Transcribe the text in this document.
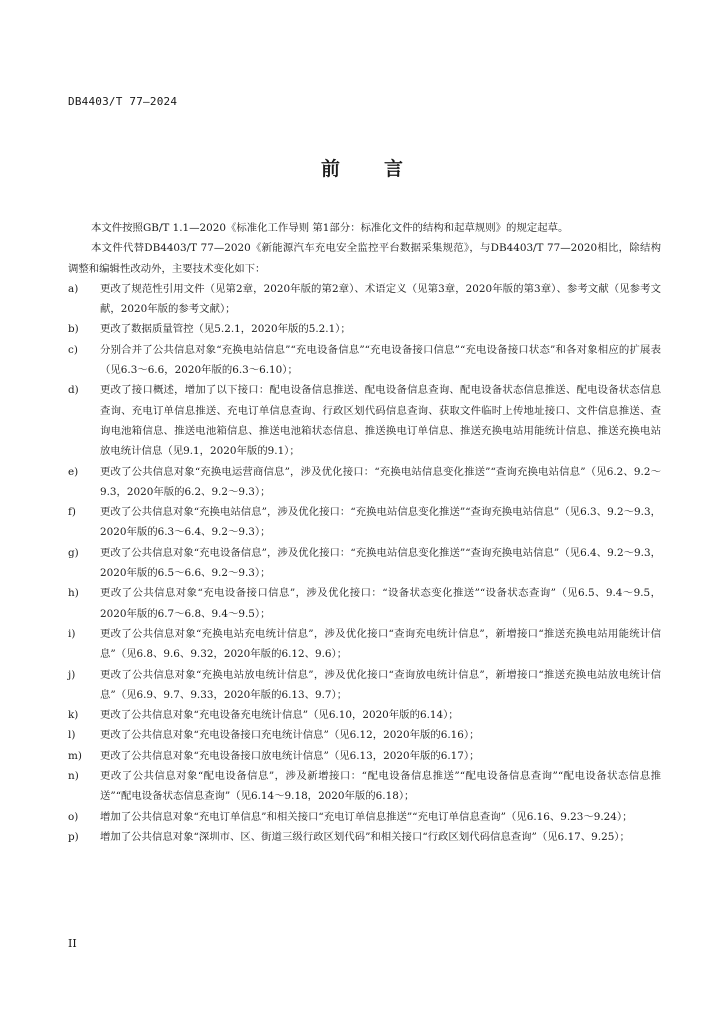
DB4403/T 77—2024
前言

本文件按照GB/T 1.1—2020《标准化工作导则 第1部分：标准化文件的结构和起草规则》的规定起草。

本文件代替DB4403/T 77—2020《新能源汽车充电安全监控平台数据采集规范》，与DB4403/T 77—2020相比，除结构调整和编辑性改动外，主要技术变化如下：

a)	更改了规范性引用文件（见第2章，2020年版的第2章）、术语定义（见第3章，2020年版的第3章）、参考文献（见参考文献，2020年版的参考文献）；
b)	更改了数据质量管控（见5.2.1，2020年版的5.2.1）；
c)	分别合并了公共信息对象“充换电站信息”“充电设备信息”“充电设备接口信息”“充电设备接口状态”和各对象相应的扩展表（见6.3～6.6，2020年版的6.3～6.10）；
d)	更改了接口概述，增加了以下接口：配电设备信息推送、配电设备信息查询、配电设备状态信息推送、配电设备状态信息查询、充电订单信息推送、充电订单信息查询、行政区划代码信息查询、获取文件临时上传地址接口、文件信息推送、查询电池箱信息、推送电池箱信息、推送电池箱状态信息、推送换电订单信息、推送充换电站用能统计信息、推送充换电站放电统计信息（见9.1，2020年版的9.1）；
e)	更改了公共信息对象“充换电运营商信息”，涉及优化接口：“充换电站信息变化推送”“查询充换电站信息”（见6.2、9.2～9.3，2020年版的6.2、9.2～9.3）；
f)	更改了公共信息对象“充换电站信息”，涉及优化接口：“充换电站信息变化推送”“查询充换电站信息”（见6.3、9.2～9.3，2020年版的6.3～6.4、9.2～9.3）；
g)	更改了公共信息对象“充电设备信息”，涉及优化接口：“充换电站信息变化推送”“查询充换电站信息”（见6.4、9.2～9.3，2020年版的6.5～6.6、9.2～9.3）；
h)	更改了公共信息对象“充电设备接口信息”，涉及优化接口：“设备状态变化推送”“设备状态查询”（见6.5、9.4～9.5，2020年版的6.7～6.8、9.4～9.5）；
i)	更改了公共信息对象“充换电站充电统计信息”，涉及优化接口“查询充电统计信息”，新增接口“推送充换电站用能统计信息”（见6.8、9.6、9.32，2020年版的6.12、9.6）；
j)	更改了公共信息对象“充换电站放电统计信息”，涉及优化接口“查询放电统计信息”，新增接口“推送充换电站放电统计信息”（见6.9、9.7、9.33，2020年版的6.13、9.7）；
k)	更改了公共信息对象“充电设备充电统计信息”（见6.10，2020年版的6.14）；
l)	更改了公共信息对象“充电设备接口充电统计信息”（见6.12，2020年版的6.16）；
m)	更改了公共信息对象“充电设备接口放电统计信息”（见6.13，2020年版的6.17）；
n)	更改了公共信息对象“配电设备信息”，涉及新增接口：“配电设备信息推送”“配电设备信息查询”“配电设备状态信息推送”“配电设备状态信息查询”（见6.14～9.18，2020年版的6.18）；
o)	增加了公共信息对象“充电订单信息”和相关接口“充电订单信息推送”“充电订单信息查询”（见6.16、9.23～9.24）；
p)	增加了公共信息对象“深圳市、区、街道三级行政区划代码”和相关接口“行政区划代码信息查询”（见6.17、9.25）；
II
